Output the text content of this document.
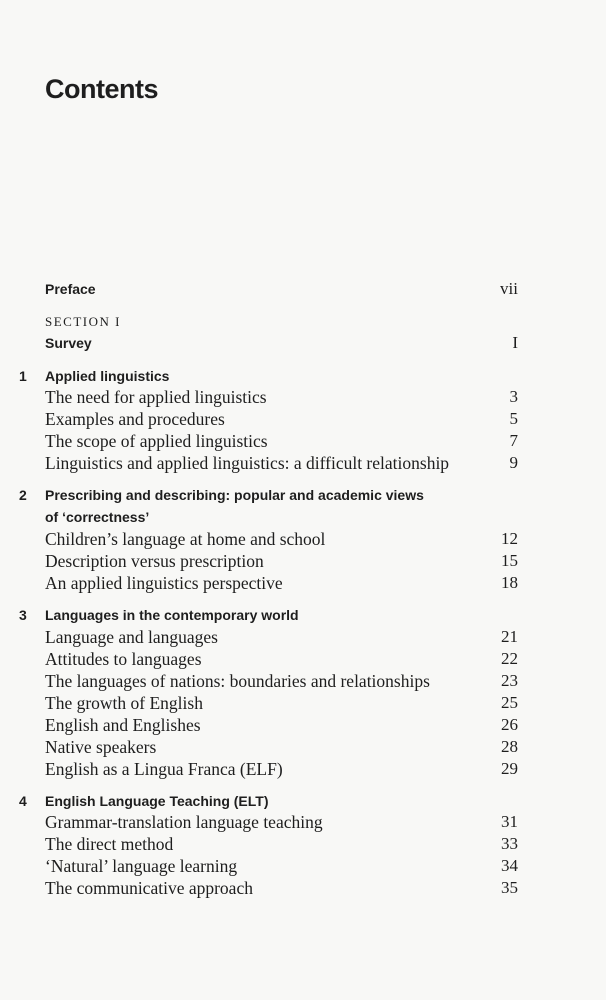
Contents
Preface	vii
SECTION I
Survey	I
1 Applied linguistics
The need for applied linguistics	3
Examples and procedures	5
The scope of applied linguistics	7
Linguistics and applied linguistics: a difficult relationship	9
2 Prescribing and describing: popular and academic views
of ‘correctness’
Children’s language at home and school	12
Description versus prescription	15
An applied linguistics perspective	18
3 Languages in the contemporary world
Language and languages	21
Attitudes to languages	22
The languages of nations: boundaries and relationships	23
The growth of English	25
English and Englishes	26
Native speakers	28
English as a Lingua Franca (ELF)	29
4 English Language Teaching (ELT)
Grammar-translation language teaching	31
The direct method	33
‘Natural’ language learning	34
The communicative approach	35
